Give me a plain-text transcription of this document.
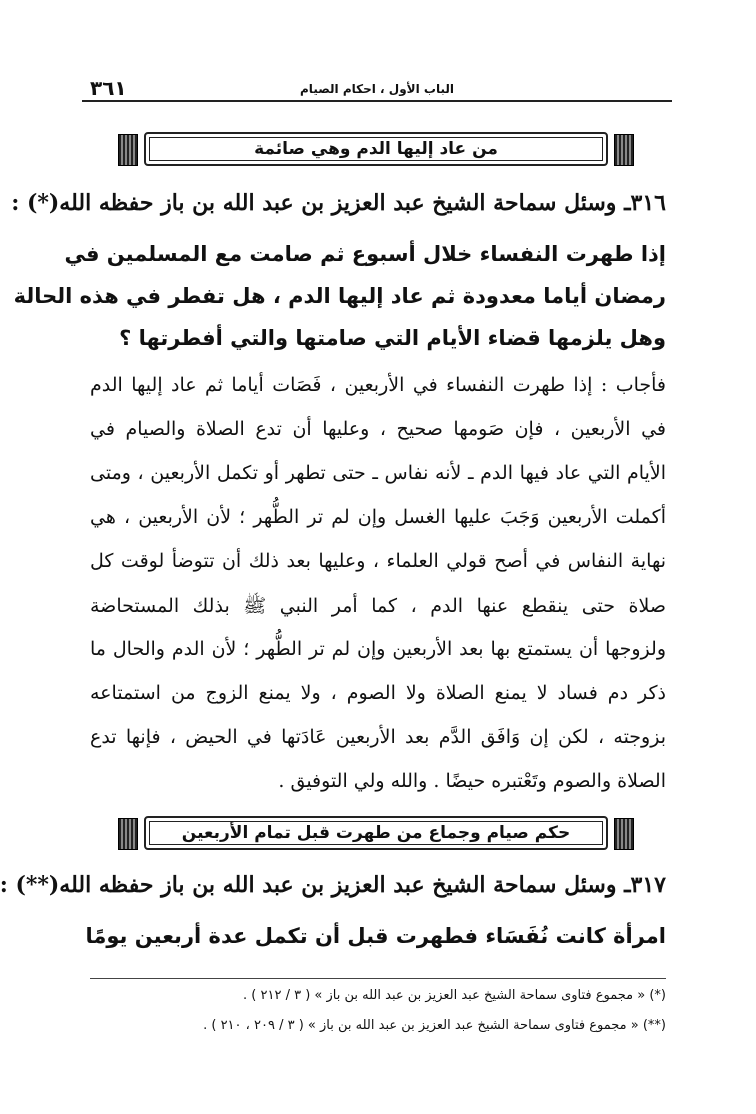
٣٦١	الباب الأول ، احكام الصيام
من عاد إليها الدم وهي صائمة
٣١٦ـ وسئل سماحة الشيخ عبد العزيز بن عبد الله بن باز حفظه الله(*) :
إذا طهرت النفساء خلال أسبوع ثم صامت مع المسلمين في
رمضان أياما معدودة ثم عاد إليها الدم ، هل تفطر في هذه الحالة
وهل يلزمها قضاء الأيام التي صامتها والتي أفطرتها ؟
فأجاب : إذا طهرت النفساء في الأربعين ، فَصَات أياما ثم عاد إليها الدم
في الأربعين ، فإن صَومها صحيح ، وعليها أن تدع الصلاة والصيام في
الأيام التي عاد فيها الدم ـ لأنه نفاس ـ حتى تطهر أو تكمل الأربعين ، ومتى
أكملت الأربعين وَجَبَ عليها الغسل وإن لم تر الطُّهر ؛ لأن الأربعين ، هي
نهاية النفاس في أصح قولي العلماء ، وعليها بعد ذلك أن تتوضأ لوقت كل
صلاة حتى ينقطع عنها الدم ، كما أمر النبي ﷺ بذلك المستحاضة
ولزوجها أن يستمتع بها بعد الأربعين وإن لم تر الطُّهر ؛ لأن الدم والحال ما
ذكر دم فساد لا يمنع الصلاة ولا الصوم ، ولا يمنع الزوج من استمتاعه
بزوجته ، لكن إن وَافَق الدَّم بعد الأربعين عَادَتها في الحيض ، فإنها تدع
الصلاة والصوم وتَعْتبره حيضًا . والله ولي التوفيق .
حكم صيام وجماع من طهرت قبل تمام الأربعين
٣١٧ـ وسئل سماحة الشيخ عبد العزيز بن عبد الله بن باز حفظه الله(**) :
امرأة كانت نُفَسَاء فطهرت قبل أن تكمل عدة أربعين يومًا
(*) « مجموع فتاوى سماحة الشيخ عبد العزيز بن عبد الله بن باز » ( ٣ / ٢١٢ ) .
(**) « مجموع فتاوى سماحة الشيخ عبد العزيز بن عبد الله بن باز » ( ٣ / ٢٠٩ ، ٢١٠ ) .
